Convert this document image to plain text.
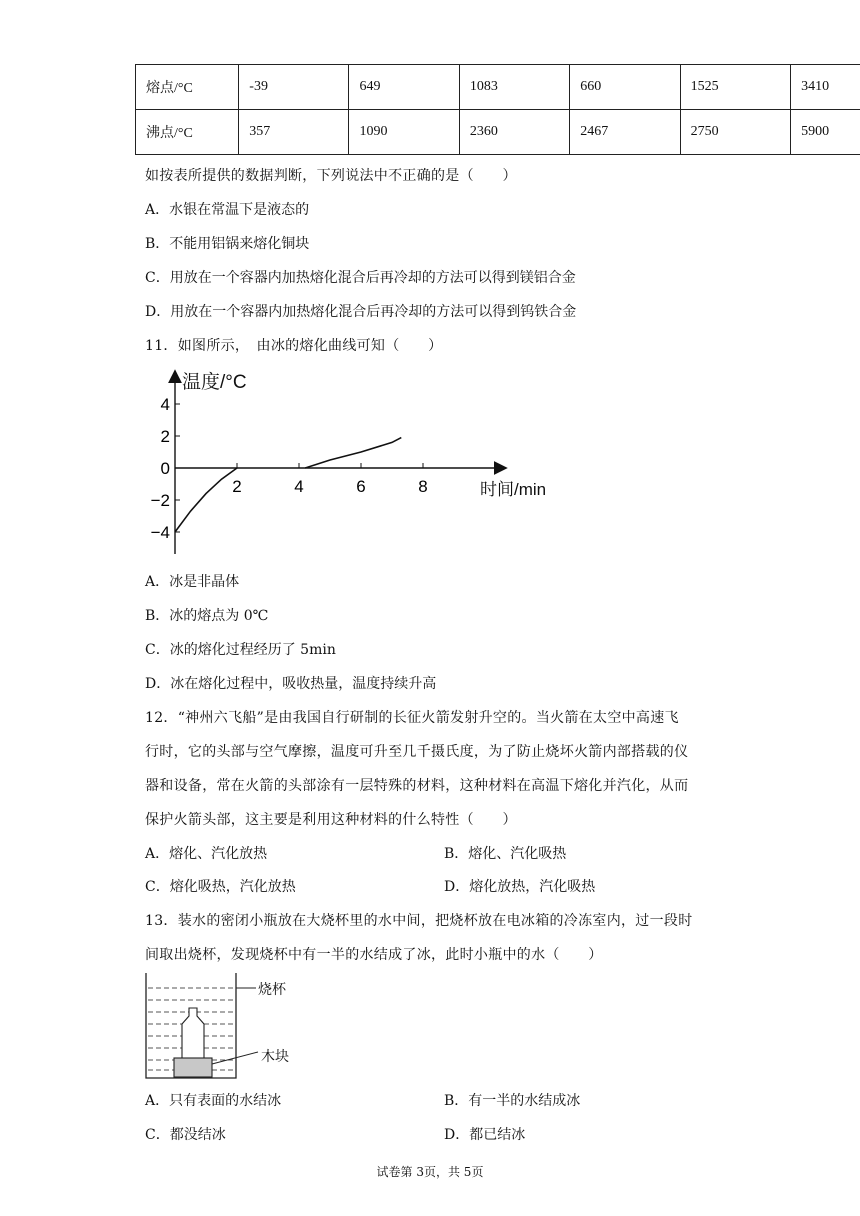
熔点/°C	-39	649	1083	660	1525	3410
沸点/°C	357	1090	2360	2467	2750	5900
如按表所提供的数据判断，下列说法中不正确的是（　　）
A．水银在常温下是液态的
B．不能用铝锅来熔化铜块
C．用放在一个容器内加热熔化混合后再冷却的方法可以得到镁铝合金
D．用放在一个容器内加热熔化混合后再冷却的方法可以得到钨铁合金
11．如图所示，　由冰的熔化曲线可知（　　）
温度/°C
时间/min
2	4	6	8
4
2
0
−2
−4
A．冰是非晶体
B．冰的熔点为 0℃
C．冰的熔化过程经历了 5min
D．冰在熔化过程中，吸收热量，温度持续升高
12．“神州六飞船”是由我国自行研制的长征火箭发射升空的。当火箭在太空中高速飞
行时，它的头部与空气摩擦，温度可升至几千摄氏度，为了防止烧坏火箭内部搭载的仪
器和设备，常在火箭的头部涂有一层特殊的材料，这种材料在高温下熔化并汽化，从而
保护火箭头部，这主要是利用这种材料的什么特性（　　）
A．熔化、汽化放热	B．熔化、汽化吸热
C．熔化吸热，汽化放热	D．熔化放热，汽化吸热
13．装水的密闭小瓶放在大烧杯里的水中间，把烧杯放在电冰箱的冷冻室内，过一段时
间取出烧杯，发现烧杯中有一半的水结成了冰，此时小瓶中的水（　　）
烧杯
木块
A．只有表面的水结冰	B．有一半的水结成冰
C．都没结冰	D．都已结冰
试卷第 3页，共 5页
